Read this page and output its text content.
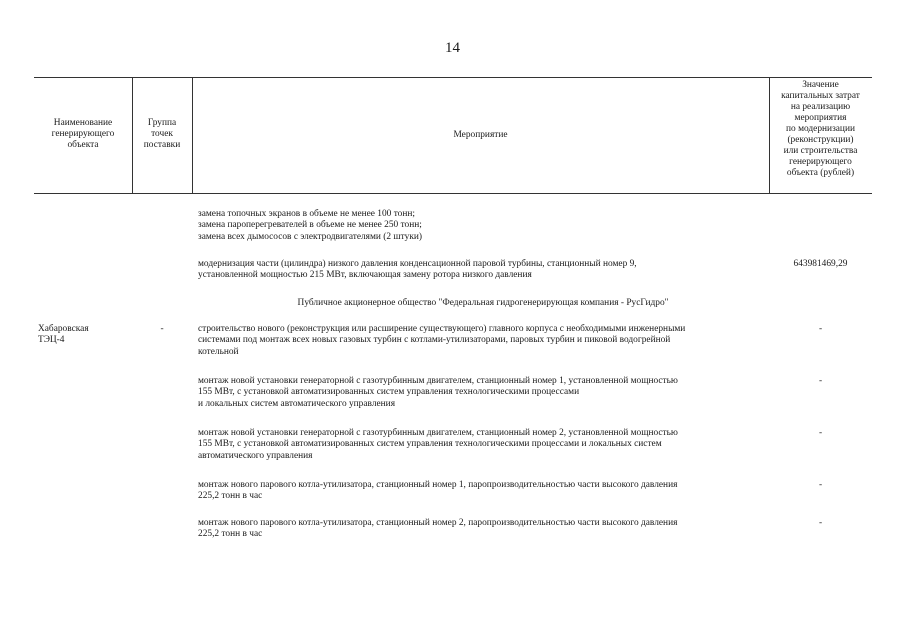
14
Наименование
генерирующего
объекта
Группа
точек
поставки
Мероприятие
Значение
капитальных затрат
на реализацию
мероприятия
по модернизации
(реконструкции)
или строительства
генерирующего
объекта (рублей)
замена топочных экранов в объеме не менее 100 тонн;
замена пароперегревателей в объеме не менее 250 тонн;
замена всех дымососов с электродвигателями (2 штуки)
модернизация части (цилиндра) низкого давления конденсационной паровой турбины, станционный номер 9,
установленной мощностью 215 МВт, включающая замену ротора низкого давления
643981469,29
Публичное акционерное общество "Федеральная гидрогенерирующая компания - РусГидро"
Хабаровская
ТЭЦ-4
-	строительство нового (реконструкция или расширение существующего) главного корпуса с необходимыми инженерными
системами под монтаж всех новых газовых турбин с котлами-утилизаторами, паровых турбин и пиковой водогрейной
котельной
-
монтаж новой установки генераторной с газотурбинным двигателем, станционный номер 1, установленной мощностью
155 МВт, с установкой автоматизированных систем управления технологическими процессами
и локальных систем автоматического управления
-
монтаж новой установки генераторной с газотурбинным двигателем, станционный номер 2, установленной мощностью
155 МВт, с установкой автоматизированных систем управления технологическими процессами и локальных систем
автоматического управления
-
монтаж нового парового котла-утилизатора, станционный номер 1, паропроизводительностью части высокого давления
225,2 тонн в час
-
монтаж нового парового котла-утилизатора, станционный номер 2, паропроизводительностью части высокого давления
225,2 тонн в час
-
